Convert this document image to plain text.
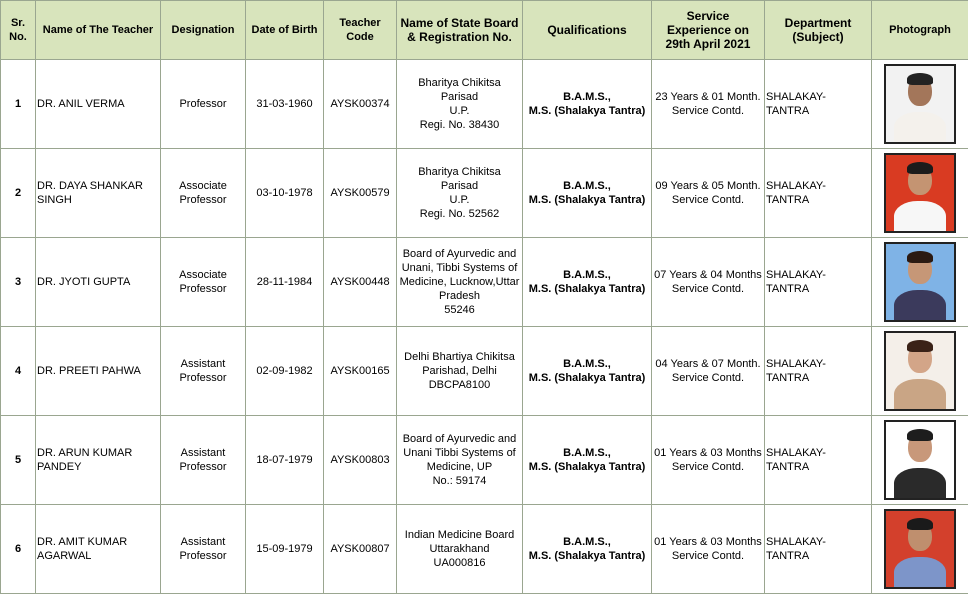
Sr. No.	Name of The Teacher	Designation	Date of Birth	Teacher Code	Name of State Board & Registration No.	Qualifications	Service Experience on 29th April 2021	Department (Subject)	Photograph
1	DR. ANIL VERMA	Professor	31-03-1960	AYSK00374	Bharitya Chikitsa Parisad
U.P.
Regi. No. 38430	B.A.M.S.,
M.S. (Shalakya Tantra)	23 Years & 01 Month.
Service Contd.	SHALAKAY- TANTRA	

2	DR. DAYA SHANKAR SINGH	Associate Professor	03-10-1978	AYSK00579	Bharitya Chikitsa Parisad
U.P.
Regi. No. 52562	B.A.M.S.,
M.S. (Shalakya Tantra)	09 Years & 05 Month.
Service Contd.	SHALAKAY- TANTRA	

3	DR. JYOTI GUPTA	Associate Professor	28-11-1984	AYSK00448	Board of Ayurvedic and
Unani, Tibbi Systems of
Medicine, Lucknow,Uttar
Pradesh
55246	B.A.M.S.,
M.S. (Shalakya Tantra)	07 Years & 04 Months
Service Contd.	SHALAKAY- TANTRA	

4	DR. PREETI PAHWA	Assistant Professor	02-09-1982	AYSK00165	Delhi Bhartiya Chikitsa
Parishad, Delhi
DBCPA8100	B.A.M.S.,
M.S. (Shalakya Tantra)	04 Years & 07 Month.
Service Contd.	SHALAKAY- TANTRA	

5	DR. ARUN KUMAR PANDEY	Assistant Professor	18-07-1979	AYSK00803	Board of Ayurvedic and
Unani Tibbi Systems of
Medicine, UP
No.: 59174	B.A.M.S.,
M.S. (Shalakya Tantra)	01 Years & 03 Months
Service Contd.	SHALAKAY- TANTRA	

6	DR. AMIT KUMAR AGARWAL	Assistant Professor	15-09-1979	AYSK00807	Indian Medicine Board
Uttarakhand
UA000816	B.A.M.S.,
M.S. (Shalakya Tantra)	01 Years & 03 Months
Service Contd.	SHALAKAY- TANTRA	
